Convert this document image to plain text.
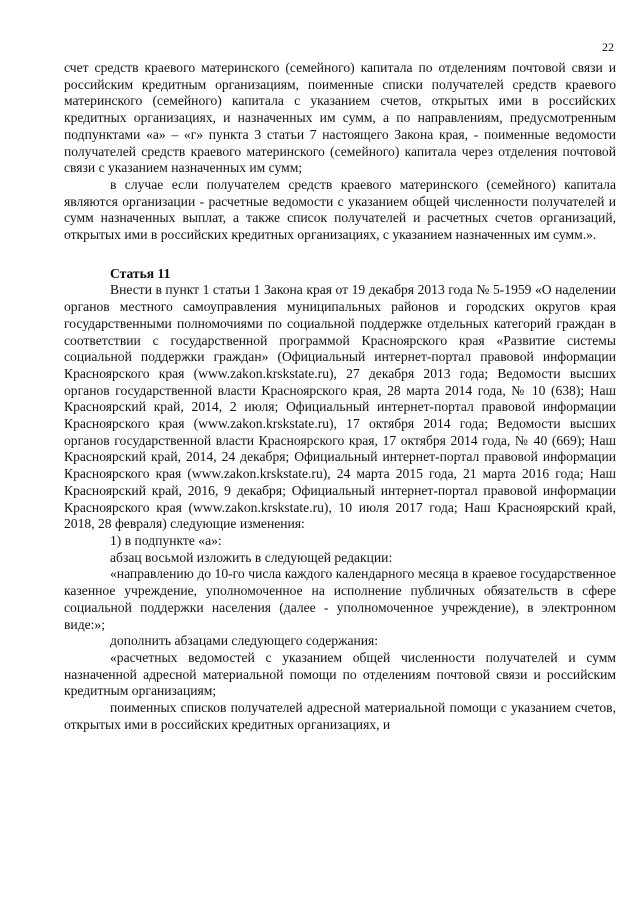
22

счет средств краевого материнского (семейного) капитала по отделениям почтовой связи и российским кредитным организациям, поименные списки получателей средств краевого материнского (семейного) капитала с указанием счетов, открытых ими в российских кредитных организациях, и назначенных им сумм, а по направлениям, предусмотренным подпунктами «а» – «г» пункта 3 статьи 7 настоящего Закона края, - поименные ведомости получателей средств краевого материнского (семейного) капитала через отделения почтовой связи с указанием назначенных им сумм;

в случае если получателем средств краевого материнского (семейного) капитала являются организации - расчетные ведомости с указанием общей численности получателей и сумм назначенных выплат, а также список получателей и расчетных счетов организаций, открытых ими в российских кредитных организациях, с указанием назначенных им сумм.».

Статья 11

Внести в пункт 1 статьи 1 Закона края от 19 декабря 2013 года № 5-1959 «О наделении органов местного самоуправления муниципальных районов и городских округов края государственными полномочиями по социальной поддержке отдельных категорий граждан в соответствии с государственной программой Красноярского края «Развитие системы социальной поддержки граждан» (Официальный интернет-портал правовой информации Красноярского края (www.zakon.krskstate.ru), 27 декабря 2013 года; Ведомости высших органов государственной власти Красноярского края, 28 марта 2014 года, № 10 (638); Наш Красноярский край, 2014, 2 июля; Официальный интернет-портал правовой информации Красноярского края (www.zakon.krskstate.ru), 17 октября 2014 года; Ведомости высших органов государственной власти Красноярского края, 17 октября 2014 года, № 40 (669); Наш Красноярский край, 2014, 24 декабря; Официальный интернет-портал правовой информации Красноярского края (www.zakon.krskstate.ru), 24 марта 2015 года, 21 марта 2016 года; Наш Красноярский край, 2016, 9 декабря; Официальный интернет-портал правовой информации Красноярского края (www.zakon.krskstate.ru), 10 июля 2017 года; Наш Красноярский край, 2018, 28 февраля) следующие изменения:

1) в подпункте «а»:

абзац восьмой изложить в следующей редакции:

«направлению до 10-го числа каждого календарного месяца в краевое государственное казенное учреждение, уполномоченное на исполнение публичных обязательств в сфере социальной поддержки населения (далее - уполномоченное учреждение), в электронном виде:»;

дополнить абзацами следующего содержания:

«расчетных ведомостей с указанием общей численности получателей и сумм назначенной адресной материальной помощи по отделениям почтовой связи и российским кредитным организациям;

поименных списков получателей адресной материальной помощи с указанием счетов, открытых ими в российских кредитных организациях, и
